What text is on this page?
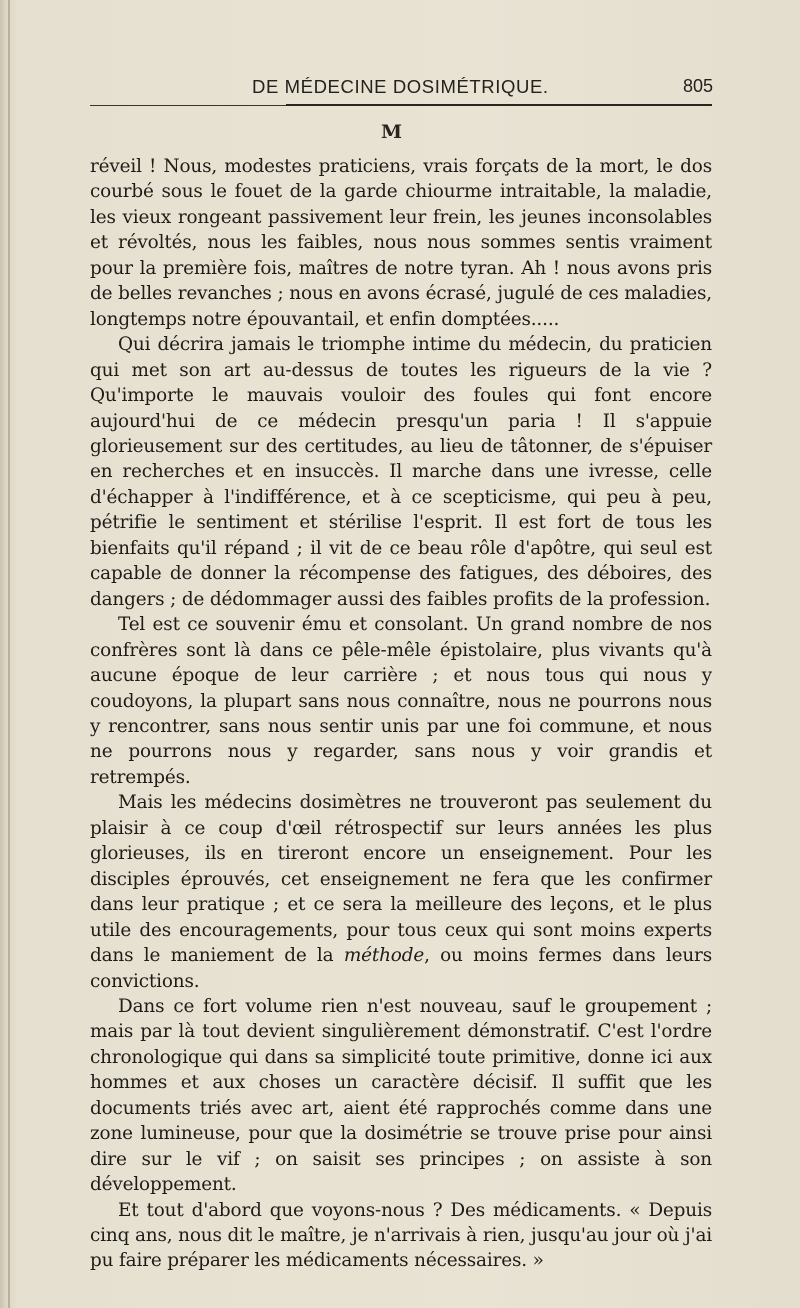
DE MÉDECINE DOSIMÉTRIQUE.	805
M

réveil ! Nous, modestes praticiens, vrais forçats de la mort, le dos courbé sous le fouet de la garde chiourme intraitable, la maladie, les vieux rongeant passivement leur frein, les jeunes inconsolables et révoltés, nous les faibles, nous nous sommes sentis vraiment pour la première fois, maîtres de notre tyran. Ah ! nous avons pris de belles revanches ; nous en avons écrasé, jugulé de ces maladies, longtemps notre épouvantail, et enfin domptées.....

Qui décrira jamais le triomphe intime du médecin, du praticien qui met son art au-dessus de toutes les rigueurs de la vie ? Qu'importe le mauvais vouloir des foules qui font encore aujourd'hui de ce médecin presqu'un paria ! Il s'appuie glorieusement sur des certitudes, au lieu de tâtonner, de s'épuiser en recherches et en insuccès. Il marche dans une ivresse, celle d'échapper à l'indifférence, et à ce scepticisme, qui peu à peu, pétrifie le sentiment et stérilise l'esprit. Il est fort de tous les bienfaits qu'il répand ; il vit de ce beau rôle d'apôtre, qui seul est capable de donner la récompense des fatigues, des déboires, des dangers ; de dédommager aussi des faibles profits de la profession.

Tel est ce souvenir ému et consolant. Un grand nombre de nos confrères sont là dans ce pêle-mêle épistolaire, plus vivants qu'à aucune époque de leur carrière ; et nous tous qui nous y coudoyons, la plupart sans nous connaître, nous ne pourrons nous y rencontrer, sans nous sentir unis par une foi commune, et nous ne pourrons nous y regarder, sans nous y voir grandis et retrempés.

Mais les médecins dosimètres ne trouveront pas seulement du plaisir à ce coup d'œil rétrospectif sur leurs années les plus glorieuses, ils en tireront encore un enseignement. Pour les disciples éprouvés, cet enseignement ne fera que les confirmer dans leur pratique ; et ce sera la meilleure des leçons, et le plus utile des encouragements, pour tous ceux qui sont moins experts dans le maniement de la méthode, ou moins fermes dans leurs convictions.

Dans ce fort volume rien n'est nouveau, sauf le groupement ; mais par là tout devient singulièrement démonstratif. C'est l'ordre chronologique qui dans sa simplicité toute primitive, donne ici aux hommes et aux choses un caractère décisif. Il suffit que les documents triés avec art, aient été rapprochés comme dans une zone lumineuse, pour que la dosimétrie se trouve prise pour ainsi dire sur le vif ; on saisit ses principes ; on assiste à son développement.

Et tout d'abord que voyons-nous ? Des médicaments. « Depuis cinq ans, nous dit le maître, je n'arrivais à rien, jusqu'au jour où j'ai pu faire préparer les médicaments nécessaires. »
